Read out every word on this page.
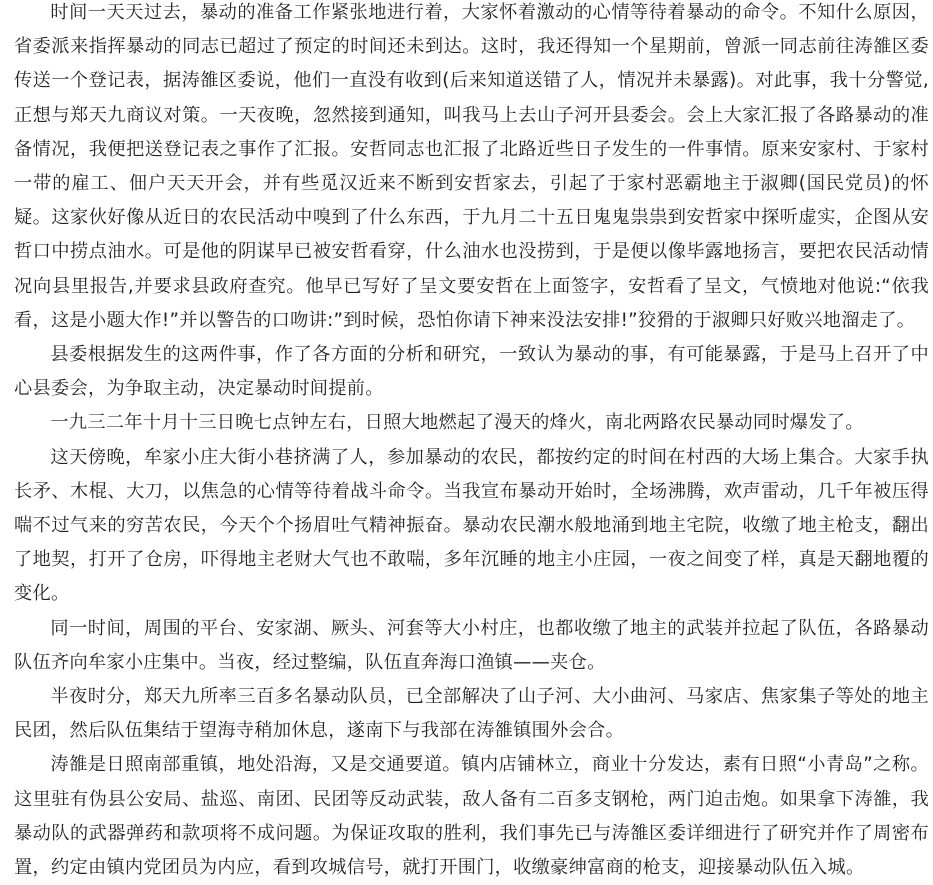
时间一天天过去，暴动的准备工作紧张地进行着，大家怀着激动的心情等待着暴动的命令。不知什么原因，省委派来指挥暴动的同志已超过了预定的时间还未到达。这时，我还得知一个星期前，曾派一同志前往涛雒区委传送一个登记表，据涛雒区委说，他们一直没有收到(后来知道送错了人，情况并未暴露)。对此事，我十分警觉,正想与郑天九商议对策。一天夜晚，忽然接到通知，叫我马上去山子河开县委会。会上大家汇报了各路暴动的准备情况，我便把送登记表之事作了汇报。安哲同志也汇报了北路近些日子发生的一件事情。原来安家村、于家村一带的雇工、佃户天天开会，并有些觅汉近来不断到安哲家去，引起了于家村恶霸地主于淑卿(国民党员)的怀疑。这家伙好像从近日的农民活动中嗅到了什么东西，于九月二十五日鬼鬼祟祟到安哲家中探听虚实，企图从安哲口中捞点油水。可是他的阴谋早已被安哲看穿，什么油水也没捞到，于是便以像毕露地扬言，要把农民活动情况向县里报告,并要求县政府查究。他早已写好了呈文要安哲在上面签字，安哲看了呈文，气愤地对他说:“依我看，这是小题大作!”并以警告的口吻讲:”到时候，恐怕你请下神来没法安排!”狡猾的于淑卿只好败兴地溜走了。

县委根据发生的这两件事，作了各方面的分析和研究，一致认为暴动的事，有可能暴露，于是马上召开了中心县委会，为争取主动，决定暴动时间提前。

一九三二年十月十三日晚七点钟左右，日照大地燃起了漫天的烽火，南北两路农民暴动同时爆发了。

这天傍晚，牟家小庄大街小巷挤满了人，参加暴动的农民，都按约定的时间在村西的大场上集合。大家手执长矛、木棍、大刀，以焦急的心情等待着战斗命令。当我宣布暴动开始时，全场沸腾，欢声雷动，几千年被压得喘不过气来的穷苦农民，今天个个扬眉吐气精神振奋。暴动农民潮水般地涌到地主宅院，收缴了地主枪支，翻出了地契，打开了仓房，吓得地主老财大气也不敢喘，多年沉睡的地主小庄园，一夜之间变了样，真是天翻地覆的变化。

同一时间，周围的平台、安家湖、厥头、河套等大小村庄，也都收缴了地主的武装并拉起了队伍，各路暴动队伍齐向牟家小庄集中。当夜，经过整编，队伍直奔海口渔镇——夹仓。

半夜时分，郑天九所率三百多名暴动队员，已全部解决了山子河、大小曲河、马家店、焦家集子等处的地主民团，然后队伍集结于望海寺稍加休息，遂南下与我部在涛雒镇围外会合。

涛雒是日照南部重镇，地处沿海，又是交通要道。镇内店铺林立，商业十分发达，素有日照“小青岛”之称。这里驻有伪县公安局、盐巡、南团、民团等反动武装，敌人备有二百多支钢枪，两门迫击炮。如果拿下涛雒，我暴动队的武器弹药和款项将不成问题。为保证攻取的胜利，我们事先已与涛雒区委详细进行了研究并作了周密布置，约定由镇内党团员为内应，看到攻城信号，就打开围门，收缴豪绅富商的枪支，迎接暴动队伍入城。
